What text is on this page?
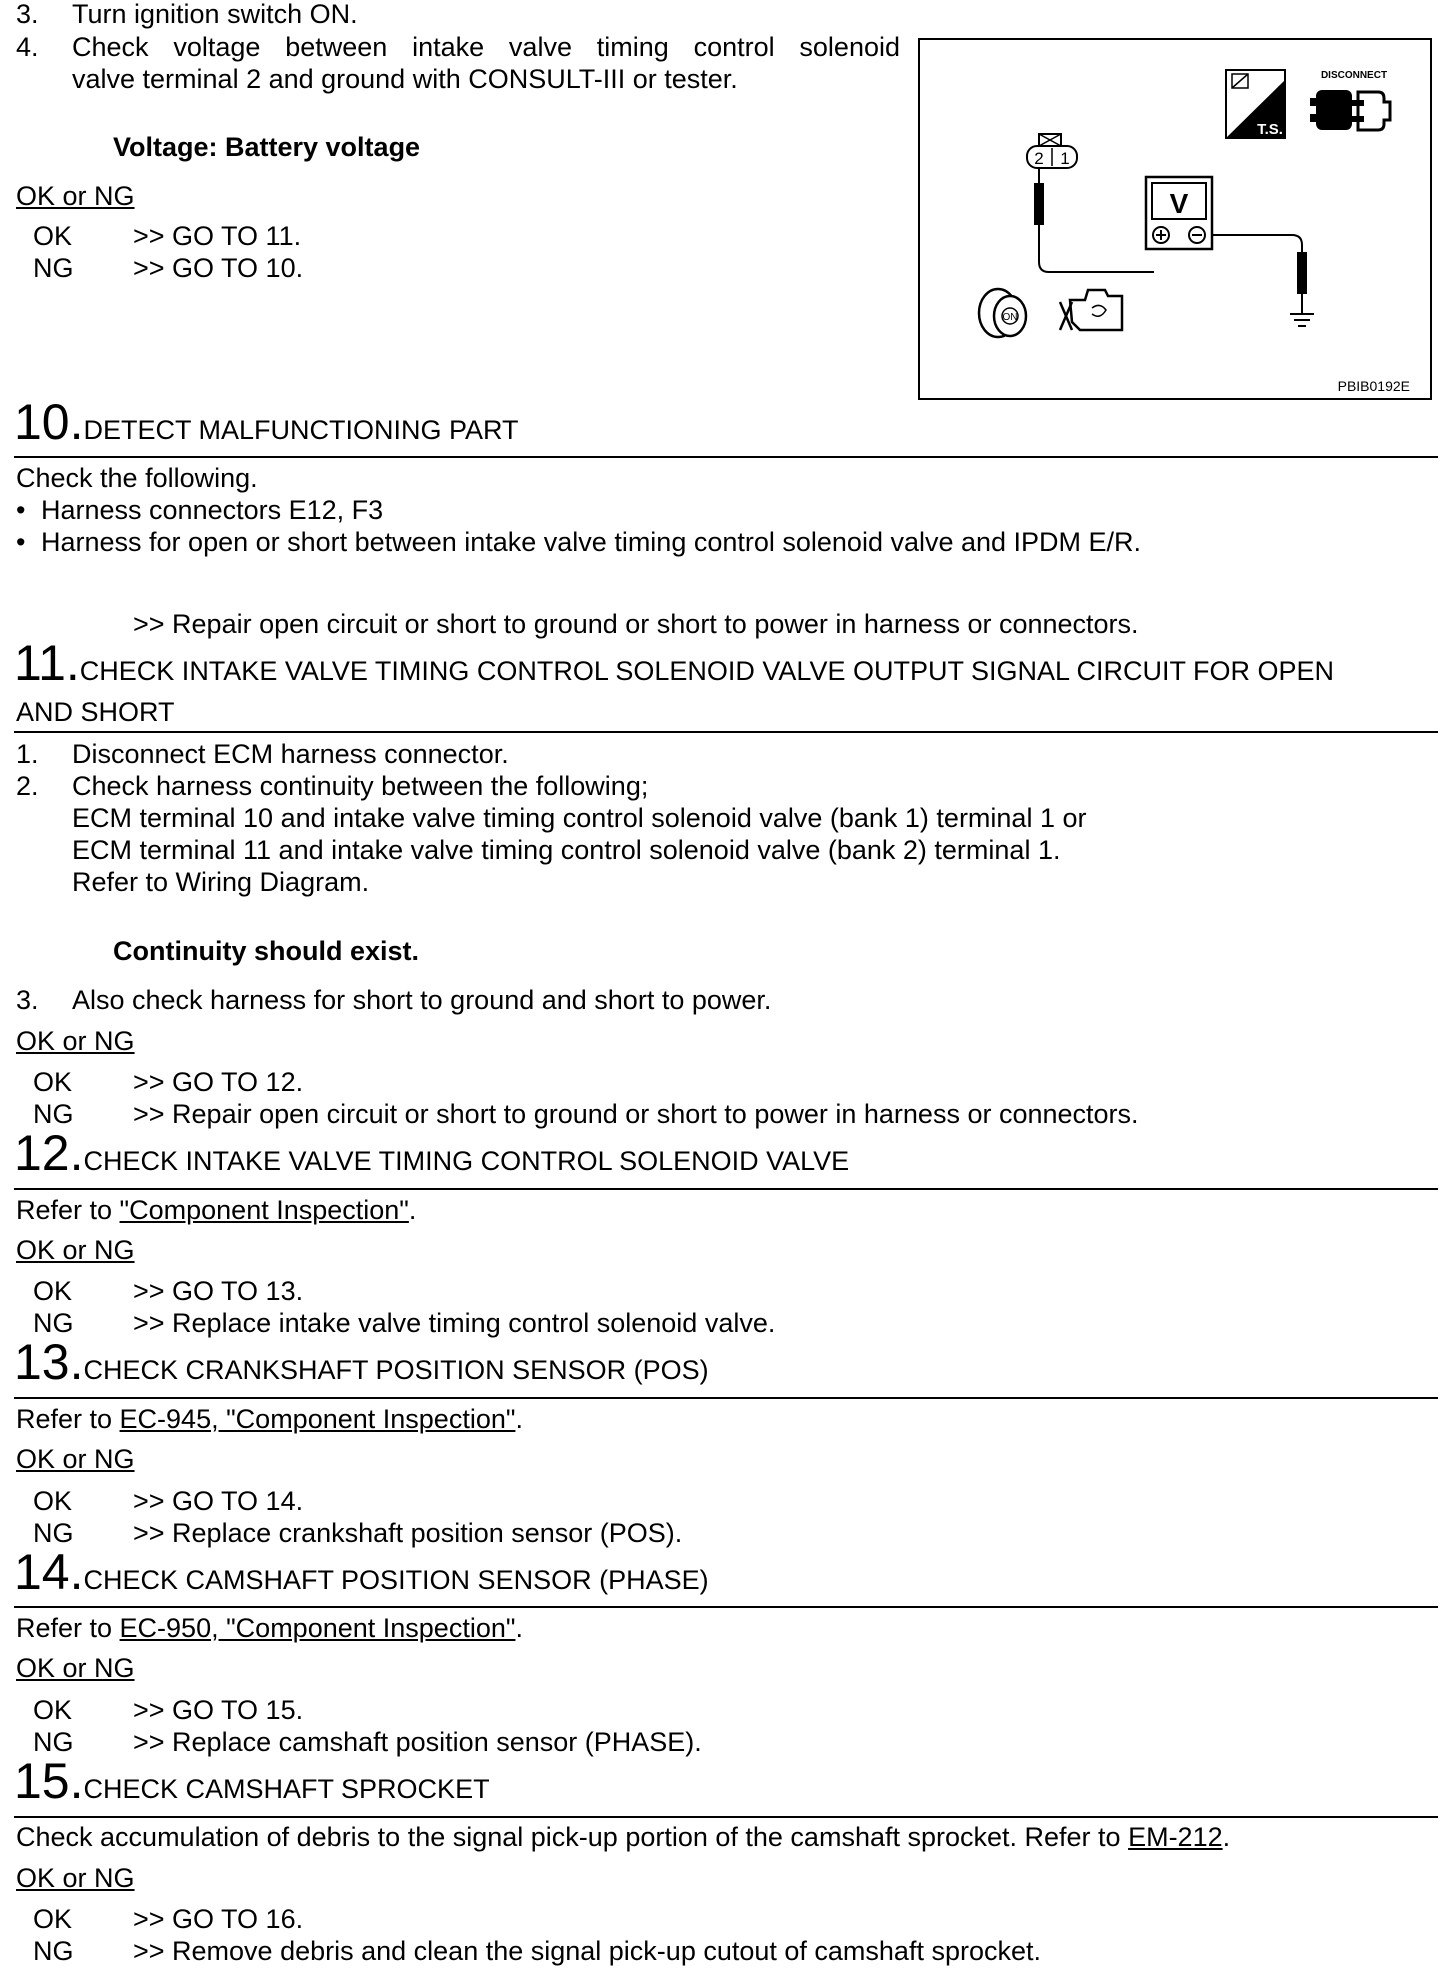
3. Turn ignition switch ON.
4. Check voltage between intake valve timing control solenoid
valve terminal 2 and ground with CONSULT-III or tester.
Voltage: Battery voltage
OK or NG
OK >> GO TO 11.
NG >> GO TO 10.
2 1
V
T.S.
DISCONNECT
ON
PBIB0192E
10.DETECT MALFUNCTIONING PART
Check the following.
• Harness connectors E12, F3
• Harness for open or short between intake valve timing control solenoid valve and IPDM E/R.
>> Repair open circuit or short to ground or short to power in harness or connectors.
11.CHECK INTAKE VALVE TIMING CONTROL SOLENOID VALVE OUTPUT SIGNAL CIRCUIT FOR OPEN
AND SHORT
1. Disconnect ECM harness connector.
2. Check harness continuity between the following;
ECM terminal 10 and intake valve timing control solenoid valve (bank 1) terminal 1 or
ECM terminal 11 and intake valve timing control solenoid valve (bank 2) terminal 1.
Refer to Wiring Diagram.
Continuity should exist.
3. Also check harness for short to ground and short to power.
OK or NG
OK >> GO TO 12.
NG >> Repair open circuit or short to ground or short to power in harness or connectors.
12.CHECK INTAKE VALVE TIMING CONTROL SOLENOID VALVE
Refer to "Component Inspection".
OK or NG
OK >> GO TO 13.
NG >> Replace intake valve timing control solenoid valve.
13.CHECK CRANKSHAFT POSITION SENSOR (POS)
Refer to EC-945, "Component Inspection".
OK or NG
OK >> GO TO 14.
NG >> Replace crankshaft position sensor (POS).
14.CHECK CAMSHAFT POSITION SENSOR (PHASE)
Refer to EC-950, "Component Inspection".
OK or NG
OK >> GO TO 15.
NG >> Replace camshaft position sensor (PHASE).
15.CHECK CAMSHAFT SPROCKET
Check accumulation of debris to the signal pick-up portion of the camshaft sprocket. Refer to EM-212.
OK or NG
OK >> GO TO 16.
NG >> Remove debris and clean the signal pick-up cutout of camshaft sprocket.
